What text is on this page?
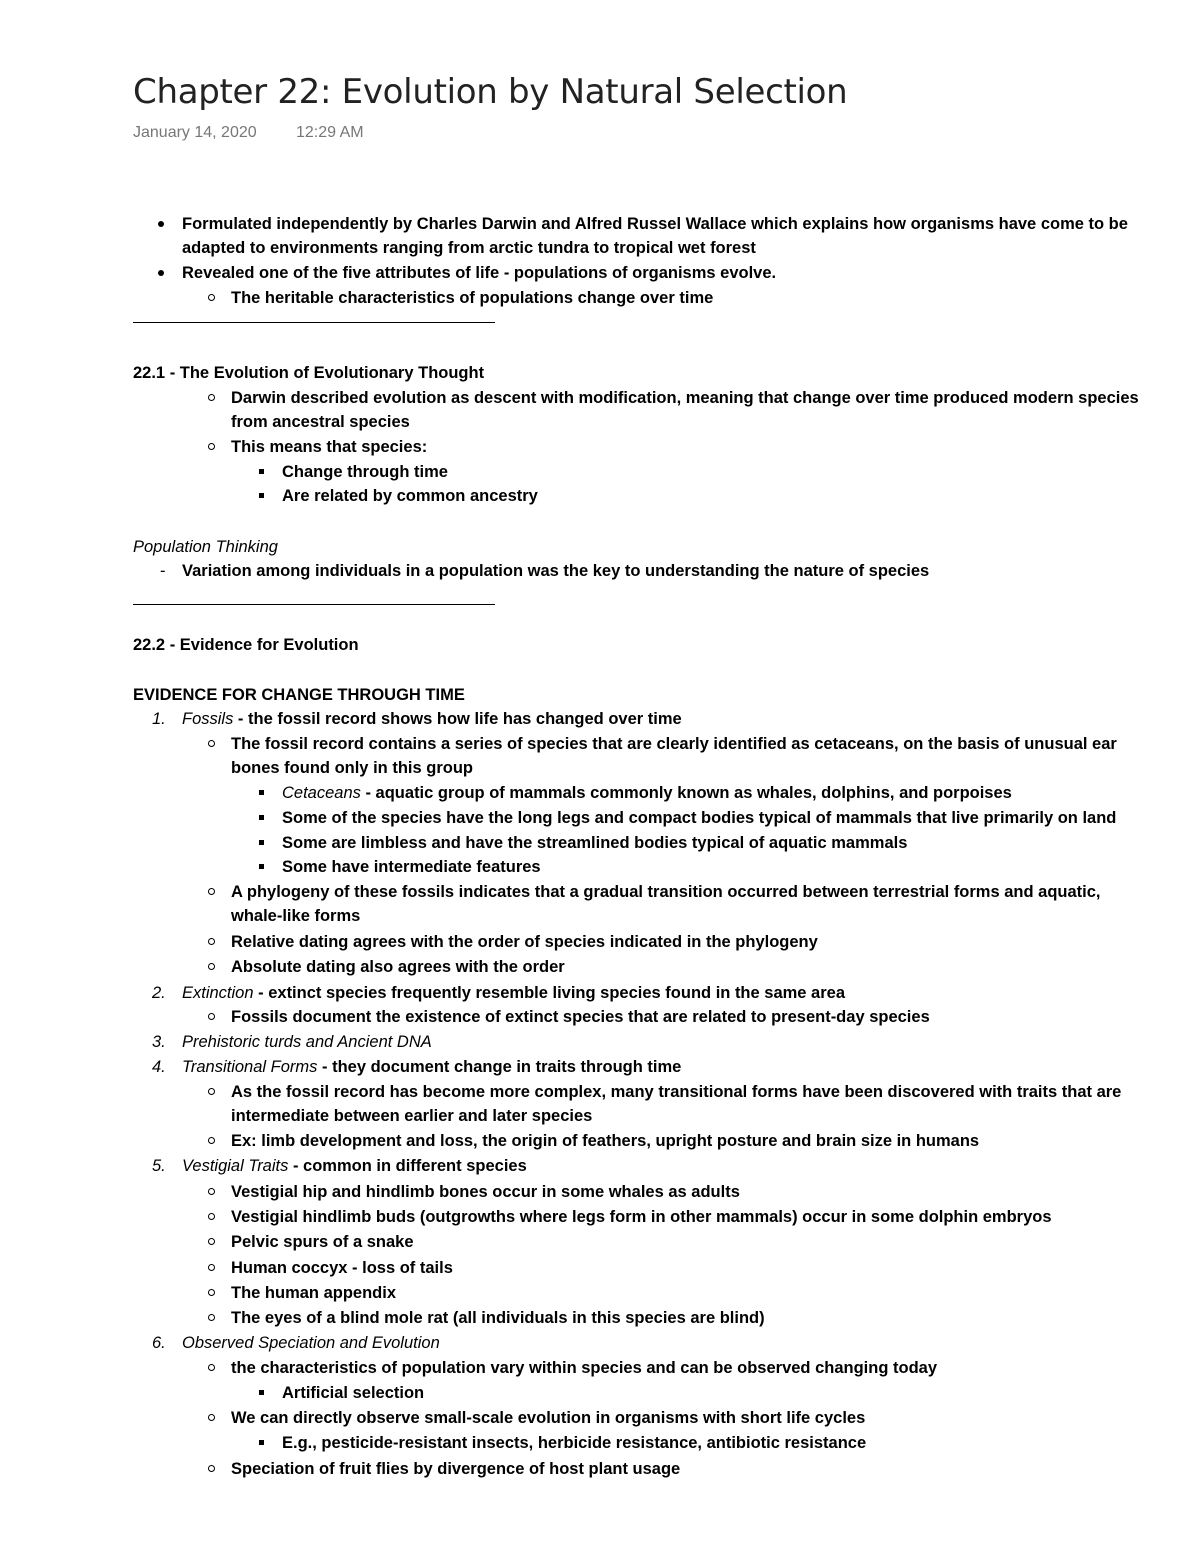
Chapter 22: Evolution by Natural Selection
January 14, 2020 12:29 AM
Formulated independently by Charles Darwin and Alfred Russel Wallace which explains how organisms have come to be
adapted to environments ranging from arctic tundra to tropical wet forest
Revealed one of the five attributes of life - populations of organisms evolve.
The heritable characteristics of populations change over time
22.1 - The Evolution of Evolutionary Thought
Darwin described evolution as descent with modification, meaning that change over time produced modern species
from ancestral species
This means that species:
Change through time
Are related by common ancestry
Population Thinking
- Variation among individuals in a population was the key to understanding the nature of species
22.2 - Evidence for Evolution
EVIDENCE FOR CHANGE THROUGH TIME
1. Fossils - the fossil record shows how life has changed over time
The fossil record contains a series of species that are clearly identified as cetaceans, on the basis of unusual ear
bones found only in this group
Cetaceans - aquatic group of mammals commonly known as whales, dolphins, and porpoises
Some of the species have the long legs and compact bodies typical of mammals that live primarily on land
Some are limbless and have the streamlined bodies typical of aquatic mammals
Some have intermediate features
A phylogeny of these fossils indicates that a gradual transition occurred between terrestrial forms and aquatic,
whale-like forms
Relative dating agrees with the order of species indicated in the phylogeny
Absolute dating also agrees with the order
2. Extinction - extinct species frequently resemble living species found in the same area
Fossils document the existence of extinct species that are related to present-day species
3. Prehistoric turds and Ancient DNA
4. Transitional Forms - they document change in traits through time
As the fossil record has become more complex, many transitional forms have been discovered with traits that are
intermediate between earlier and later species
Ex: limb development and loss, the origin of feathers, upright posture and brain size in humans
5. Vestigial Traits - common in different species
Vestigial hip and hindlimb bones occur in some whales as adults
Vestigial hindlimb buds (outgrowths where legs form in other mammals) occur in some dolphin embryos
Pelvic spurs of a snake
Human coccyx - loss of tails
The human appendix
The eyes of a blind mole rat (all individuals in this species are blind)
6. Observed Speciation and Evolution
the characteristics of population vary within species and can be observed changing today
Artificial selection
We can directly observe small-scale evolution in organisms with short life cycles
E.g., pesticide-resistant insects, herbicide resistance, antibiotic resistance
Speciation of fruit flies by divergence of host plant usage
